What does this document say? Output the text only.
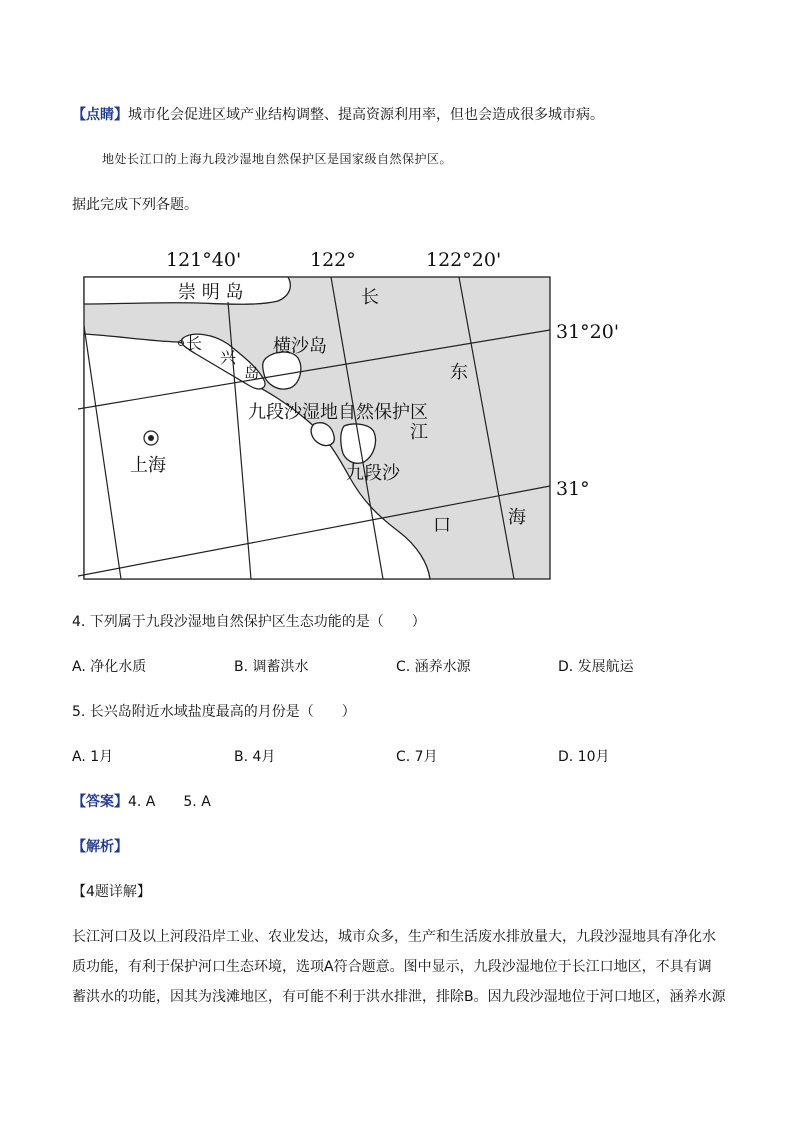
【点睛】城市化会促进区域产业结构调整、提高资源利用率，但也会造成很多城市病。
地处长江口的上海九段沙湿地自然保护区是国家级自然保护区。
据此完成下列各题。
121°40'	122°	122°20'
31°20'
31°
崇 明 岛
长
兴
岛
横沙岛
九段沙湿地自然保护区
九段沙
上海
长
江
口
东
海
4. 下列属于九段沙湿地自然保护区生态功能的是（　　）
A. 净化水质	B. 调蓄洪水	C. 涵养水源	D. 发展航运
5. 长兴岛附近水域盐度最高的月份是（　　）
A. 1月	B. 4月	C. 7月	D. 10月
【答案】4. A　　5. A
【解析】
【4题详解】
长江河口及以上河段沿岸工业、农业发达，城市众多，生产和生活废水排放量大，九段沙湿地具有净化水
质功能，有利于保护河口生态环境，选项A符合题意。图中显示，九段沙湿地位于长江口地区，不具有调
蓄洪水的功能，因其为浅滩地区，有可能不利于洪水排泄，排除B。因九段沙湿地位于河口地区，涵养水源
